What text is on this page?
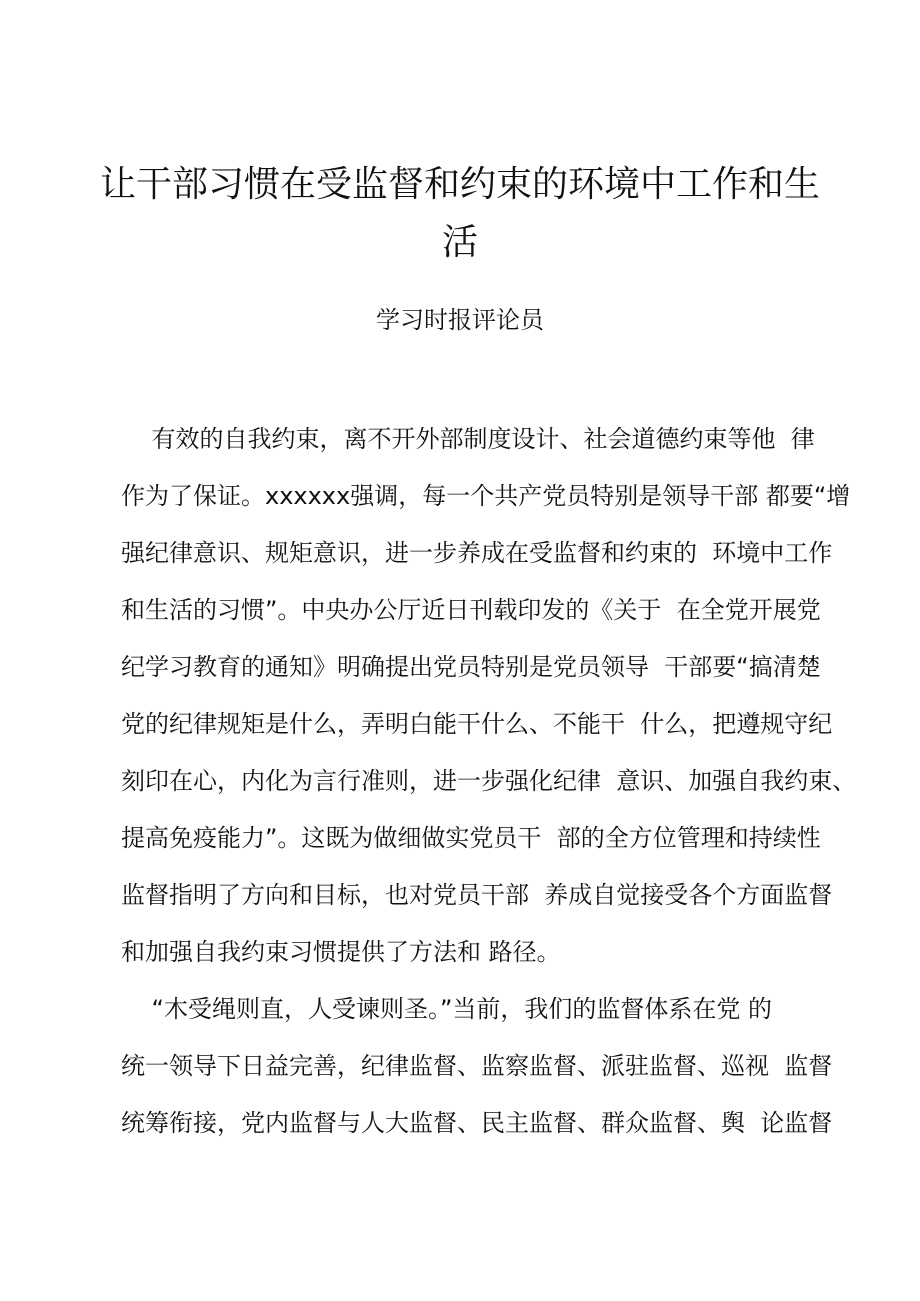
让干部习惯在受监督和约束的环境中工作和生
活
学习时报评论员
有效的自我约束，离不开外部制度设计、社会道德约束等他  律
作为了保证。xxxxxx强调，每一个共产党员特别是领导干部 都要“增
强纪律意识、规矩意识，进一步养成在受监督和约束的  环境中工作
和生活的习惯”。中央办公厅近日刊载印发的《关于  在全党开展党
纪学习教育的通知》明确提出党员特别是党员领导  干部要“搞清楚
党的纪律规矩是什么，弄明白能干什么、不能干  什么，把遵规守纪
刻印在心，内化为言行准则，进一步强化纪律  意识、加强自我约束、
提高免疫能力”。这既为做细做实党员干  部的全方位管理和持续性
监督指明了方向和目标，也对党员干部  养成自觉接受各个方面监督
和加强自我约束习惯提供了方法和 路径。
“木受绳则直，人受谏则圣。”当前，我们的监督体系在党 的
统一领导下日益完善，纪律监督、监察监督、派驻监督、巡视  监督
统筹衔接，党内监督与人大监督、民主监督、群众监督、舆  论监督
